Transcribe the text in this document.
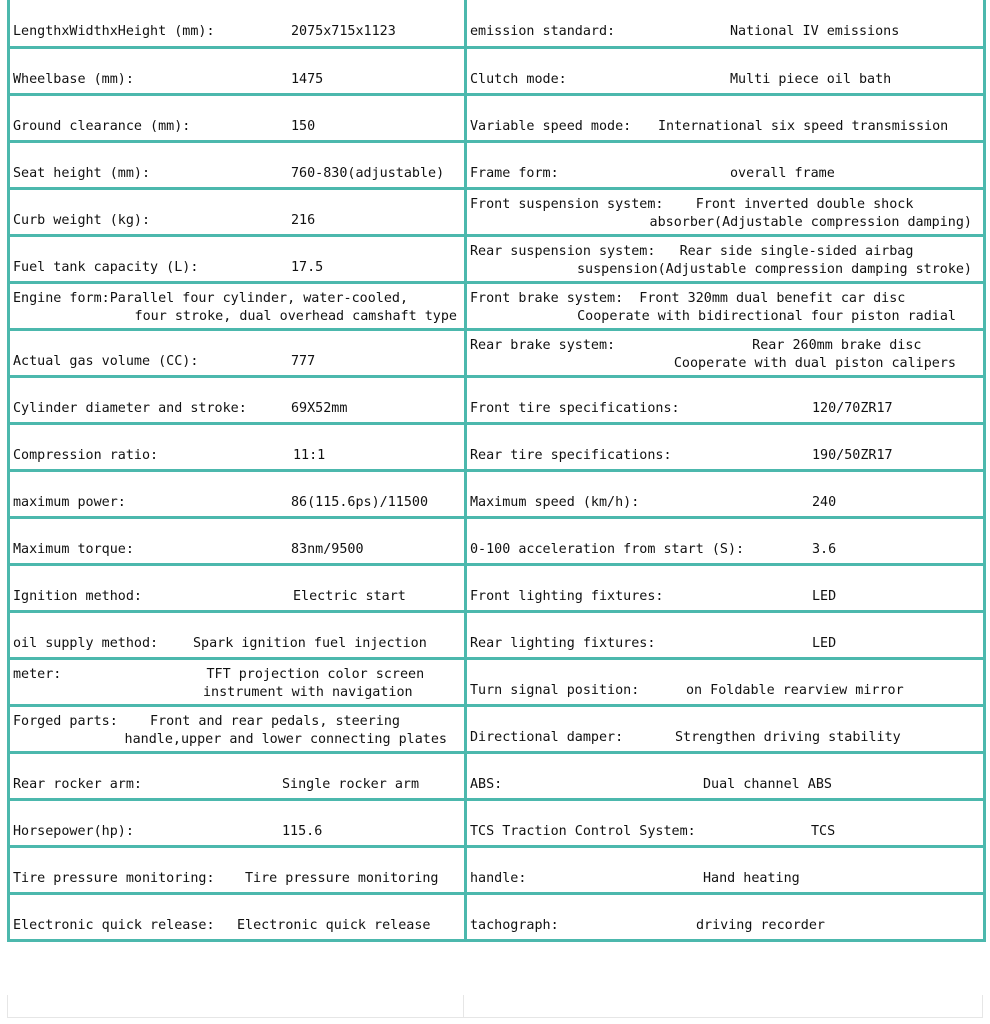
LengthxWidthxHeight (mm): 2075x715x1123	emission standard: National IV emissions

Wheelbase (mm): 1475	Clutch mode: Multi piece oil bath

Ground clearance (mm): 150	Variable speed mode: International six speed transmission

Seat height (mm): 760-830(adjustable)	Frame form: overall frame

Curb weight (kg): 216	Front suspension system:    Front inverted double shock
absorber(Adjustable compression damping)

Fuel tank capacity (L): 17.5	Rear suspension system:   Rear side single-sided airbag
suspension(Adjustable compression damping stroke)

Engine form:Parallel four cylinder, water-cooled,
four stroke, dual overhead camshaft type	Front brake system:  Front 320mm dual benefit car disc
Cooperate with bidirectional four piston radial

Actual gas volume (CC): 777	Rear brake system:                 Rear 260mm brake disc
Cooperate with dual piston calipers

Cylinder diameter and stroke: 69X52mm	Front tire specifications: 120/70ZR17

Compression ratio: 11:1	Rear tire specifications: 190/50ZR17

maximum power: 86(115.6ps)/11500	Maximum speed (km/h): 240

Maximum torque: 83nm/9500	0-100 acceleration from start (S): 3.6

Ignition method: Electric start	Front lighting fixtures: LED

oil supply method: Spark ignition fuel injection	Rear lighting fixtures: LED

meter:                  TFT projection color screen
instrument with navigation	Turn signal position: on Foldable rearview mirror

Forged parts:    Front and rear pedals, steering
handle,upper and lower connecting plates	Directional damper: Strengthen driving stability

Rear rocker arm: Single rocker arm	ABS: Dual channel ABS

Horsepower(hp): 115.6	TCS Traction Control System: TCS

Tire pressure monitoring: Tire pressure monitoring	handle: Hand heating

Electronic quick release: Electronic quick release	tachograph: driving recorder
